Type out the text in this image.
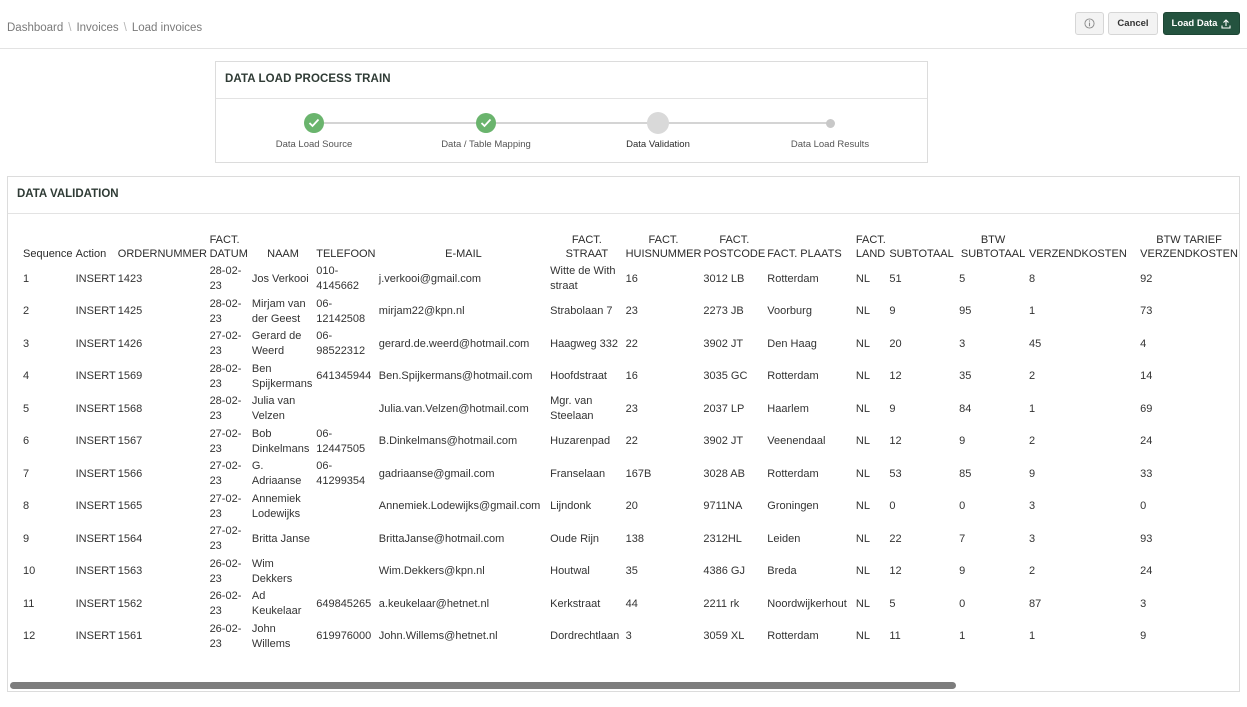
Dashboard \ Invoices \ Load invoices	Cancel	Load Data
DATA LOAD PROCESS TRAIN
Data Load Source	Data / Table Mapping	Data Validation	Data Load Results
DATA VALIDATION
Sequence	Action	ORDERNUMMER	FACT. DATUM	NAAM	TELEFOON	E-MAIL	FACT. STRAAT	FACT. HUISNUMMER	FACT. POSTCODE	FACT. PLAATS	FACT. LAND	SUBTOTAAL	BTW SUBTOTAAL	VERZENDKOSTEN	BTW TARIEF VERZENDKOSTEN
1	INSERT	1423	28-02-23	Jos Verkooi	010-4145662	j.verkooi@gmail.com	Witte de With straat	16	3012 LB	Rotterdam	NL	51	5	8	92
2	INSERT	1425	28-02-23	Mirjam van der Geest	06-12142508	mirjam22@kpn.nl	Strabolaan 7	23	2273 JB	Voorburg	NL	9	95	1	73
3	INSERT	1426	27-02-23	Gerard de Weerd	06-98522312	gerard.de.weerd@hotmail.com	Haagweg 332	22	3902 JT	Den Haag	NL	20	3	45	4
4	INSERT	1569	28-02-23	Ben Spijkermans	641345944	Ben.Spijkermans@hotmail.com	Hoofdstraat	16	3035 GC	Rotterdam	NL	12	35	2	14
5	INSERT	1568	28-02-23	Julia van Velzen		Julia.van.Velzen@hotmail.com	Mgr. van Steelaan	23	2037 LP	Haarlem	NL	9	84	1	69
6	INSERT	1567	27-02-23	Bob Dinkelmans	06-12447505	B.Dinkelmans@hotmail.com	Huzarenpad	22	3902 JT	Veenendaal	NL	12	9	2	24
7	INSERT	1566	27-02-23	G. Adriaanse	06-41299354	gadriaanse@gmail.com	Franselaan	167B	3028 AB	Rotterdam	NL	53	85	9	33
8	INSERT	1565	27-02-23	Annemiek Lodewijks		Annemiek.Lodewijks@gmail.com	Lijndonk	20	9711NA	Groningen	NL	0	0	3	0
9	INSERT	1564	27-02-23	Britta Janse		BrittaJanse@hotmail.com	Oude Rijn	138	2312HL	Leiden	NL	22	7	3	93
10	INSERT	1563	26-02-23	Wim Dekkers		Wim.Dekkers@kpn.nl	Houtwal	35	4386 GJ	Breda	NL	12	9	2	24
11	INSERT	1562	26-02-23	Ad Keukelaar	649845265	a.keukelaar@hetnet.nl	Kerkstraat	44	2211 rk	Noordwijkerhout	NL	5	0	87	3
12	INSERT	1561	26-02-23	John Willems	619976000	John.Willems@hetnet.nl	Dordrechtlaan	3	3059 XL	Rotterdam	NL	11	1	1	9
